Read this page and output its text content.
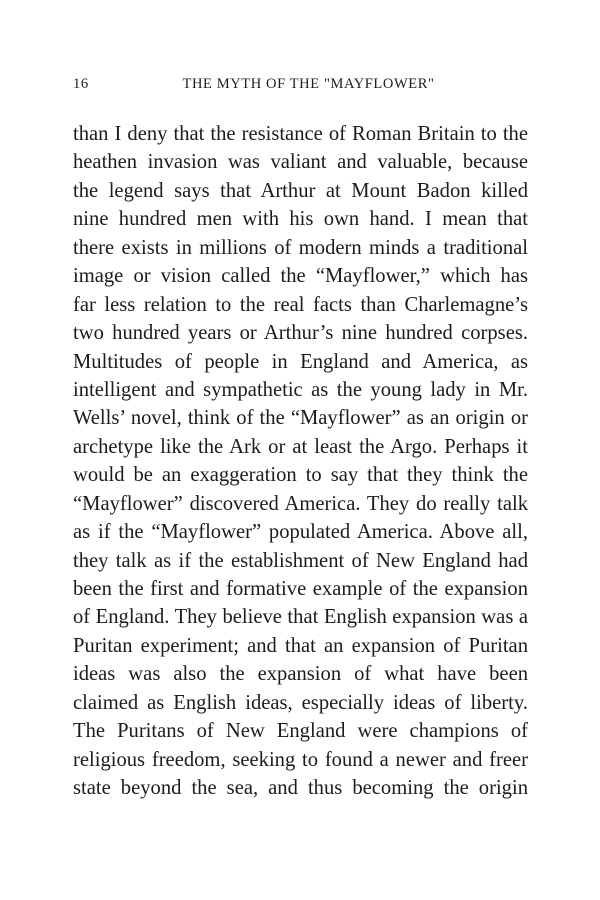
16	THE MYTH OF THE "MAYFLOWER"
than I deny that the resistance of Roman Britain to the
heathen invasion was valiant and valuable, because
the legend says that Arthur at Mount Badon killed
nine hundred men with his own hand. I mean that
there exists in millions of modern minds a traditional
image or vision called the “Mayflower,” which has
far less relation to the real facts than Charlemagne’s
two hundred years or Arthur’s nine hundred corpses.
Multitudes of people in England and America, as
intelligent and sympathetic as the young lady in Mr.
Wells’ novel, think of the “Mayflower” as an origin or
archetype like the Ark or at least the Argo. Perhaps it
would be an exaggeration to say that they think the
“Mayflower” discovered America. They do really talk
as if the “Mayflower” populated America. Above all,
they talk as if the establishment of New England had
been the first and formative example of the expansion
of England. They believe that English expansion was a
Puritan experiment; and that an expansion of Puritan
ideas was also the expansion of what have been
claimed as English ideas, especially ideas of liberty.
The Puritans of New England were champions of
religious freedom, seeking to found a newer and freer
state beyond the sea, and thus becoming the origin
